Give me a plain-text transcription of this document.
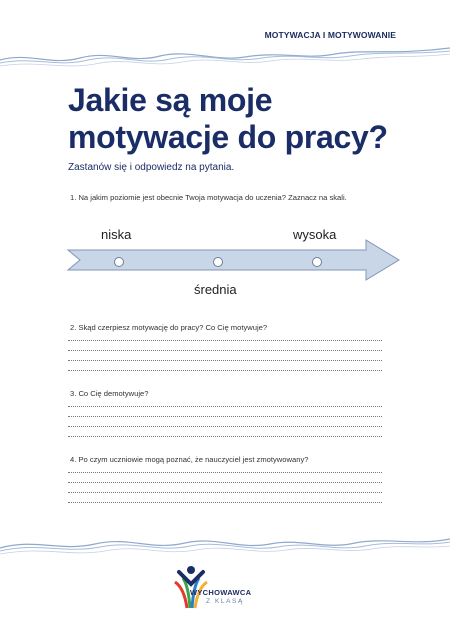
MOTYWACJA I MOTYWOWANIE
Jakie są moje
motywacje do pracy?
Zastanów się i odpowiedz na pytania.
1. Na jakim poziomie jest obecnie Twoja motywacja do uczenia? Zaznacz na skali.
niska	wysoka
średnia
2. Skąd czerpiesz motywację do pracy? Co Cię motywuje?
3. Co Cię demotywuje?
4. Po czym uczniowie mogą poznać, że nauczyciel jest zmotywowany?
WYCHOWAWCA
Z KLASĄ
